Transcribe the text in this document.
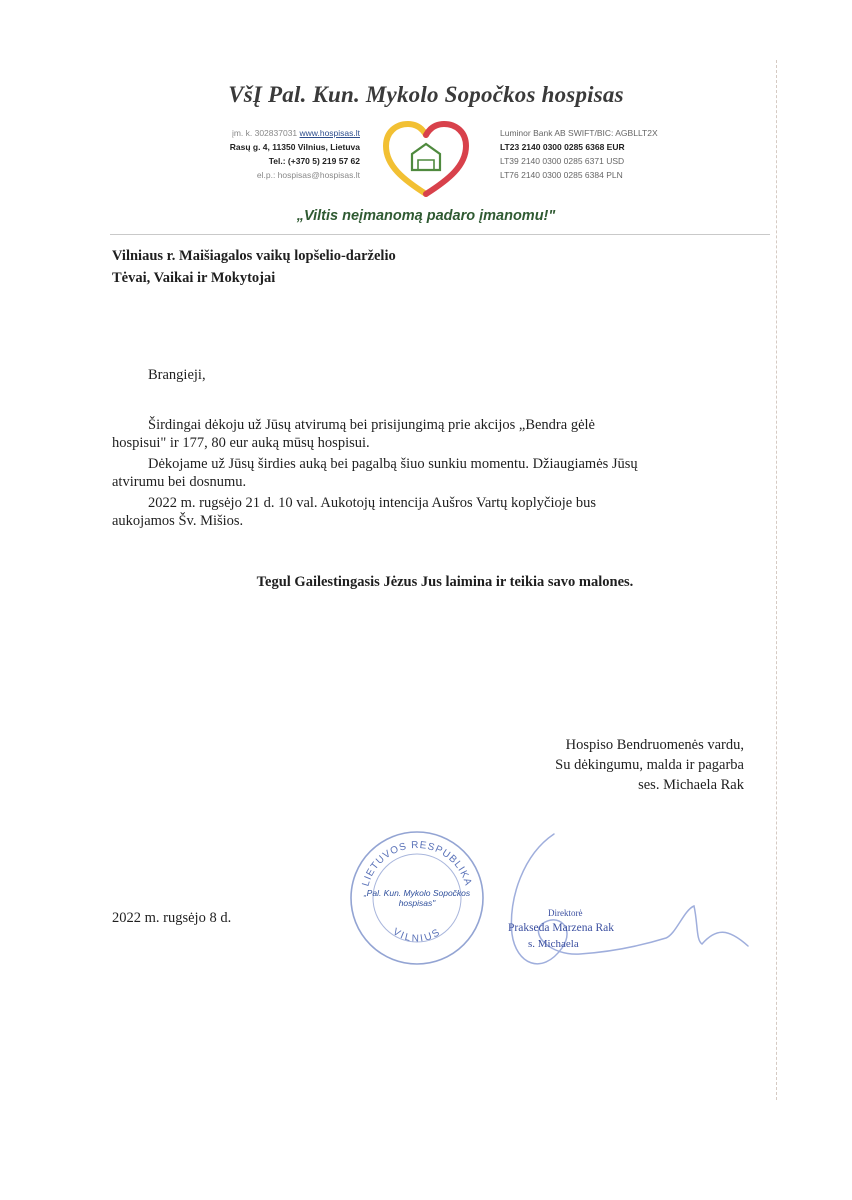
VšĮ Pal. Kun. Mykolo Sopočkos hospisas
įm. k. 302837031 www.hospisas.lt
Rasų g. 4, 11350 Vilnius, Lietuva
Tel.: (+370 5) 219 57 62
el.p.: hospisas@hospisas.lt
Luminor Bank AB SWIFT/BIC: AGBLLT2X
LT23 2140 0300 0285 6368 EUR
LT39 2140 0300 0285 6371 USD
LT76 2140 0300 0285 6384 PLN
„Viltis neįmanomą padaro įmanomu!"
Vilniaus r. Maišiagalos vaikų lopšelio-darželio
Tėvai, Vaikai ir Mokytojai
Brangieji,
Širdingai dėkoju už Jūsų atvirumą bei prisijungimą prie akcijos „Bendra gėlė
hospisui" ir 177, 80 eur auką mūsų hospisui.
Dėkojame už Jūsų širdies auką bei pagalbą šiuo sunkiu momentu. Džiaugiamės Jūsų
atvirumu bei dosnumu.
2022 m. rugsėjo 21 d. 10 val. Aukotojų intencija Aušros Vartų koplyčioje bus
aukojamos Šv. Mišios.
Tegul Gailestingasis Jėzus Jus laimina ir teikia savo malones.
Hospiso Bendruomenės vardu,
Su dėkingumu, malda ir pagarba
ses. Michaela Rak
2022 m. rugsėjo 8 d.
LIETUVOS RESPUBLIKA
VILNIUS
„Pal. Kun. Mykolo Sopočkos hospisas"
Direktorė
Prakseda Marzena Rak
s. Michaela
